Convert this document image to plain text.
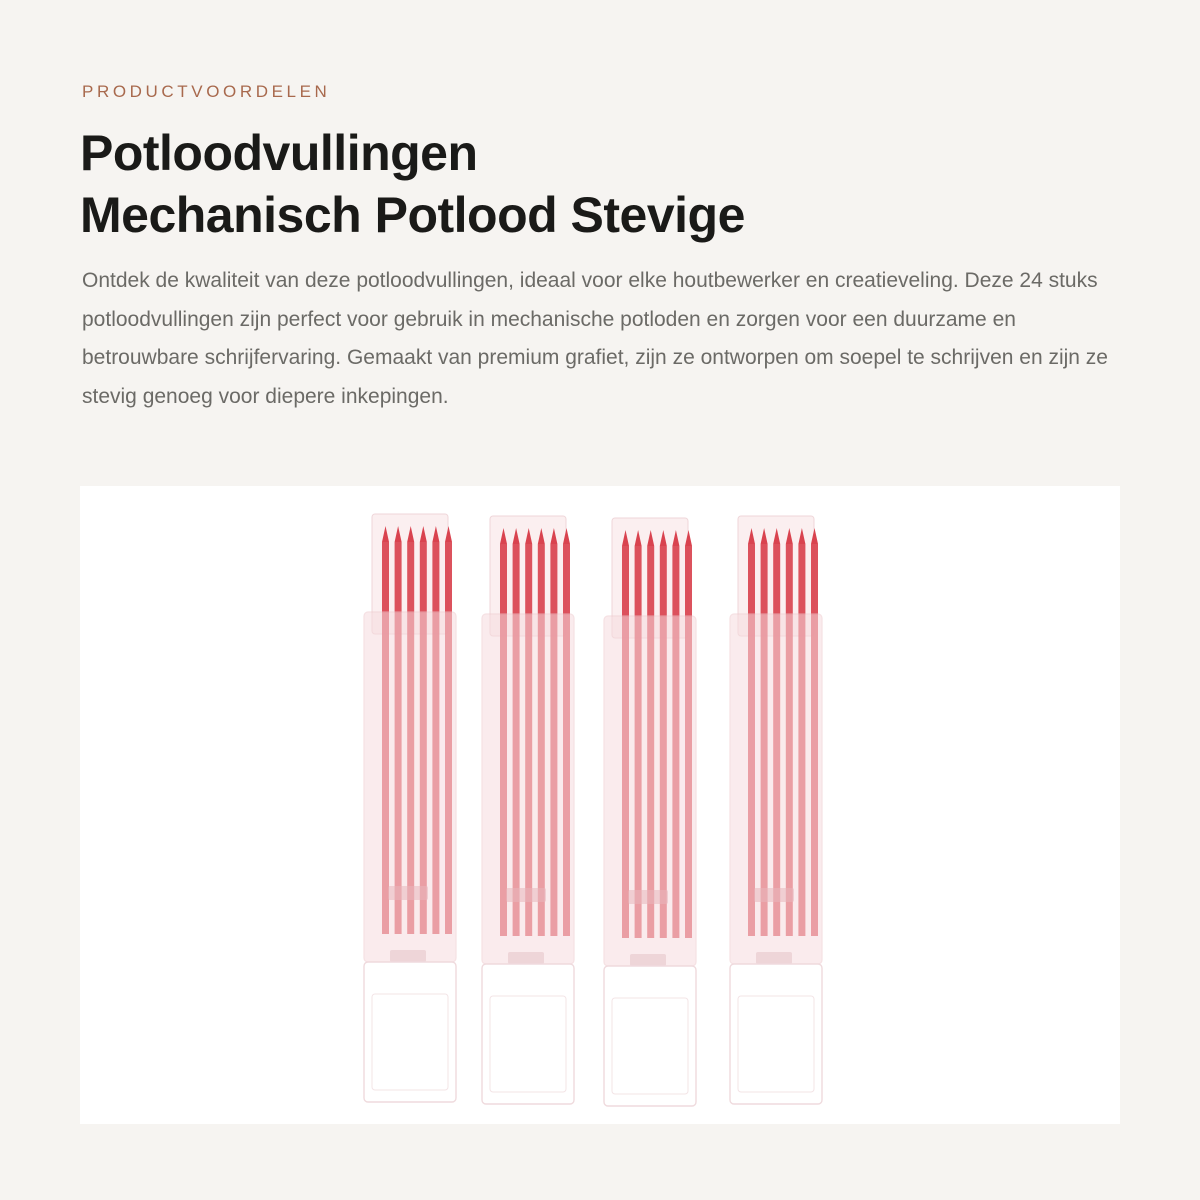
PRODUCTVOORDELEN
Potloodvullingen
Mechanisch Potlood Stevige

Ontdek de kwaliteit van deze potloodvullingen, ideaal voor elke houtbewerker en creatieveling. Deze 24 stuks potloodvullingen zijn perfect voor gebruik in mechanische potloden en zorgen voor een duurzame en betrouwbare schrijfervaring. Gemaakt van premium grafiet, zijn ze ontworpen om soepel te schrijven en zijn ze stevig genoeg voor diepere inkepingen.
